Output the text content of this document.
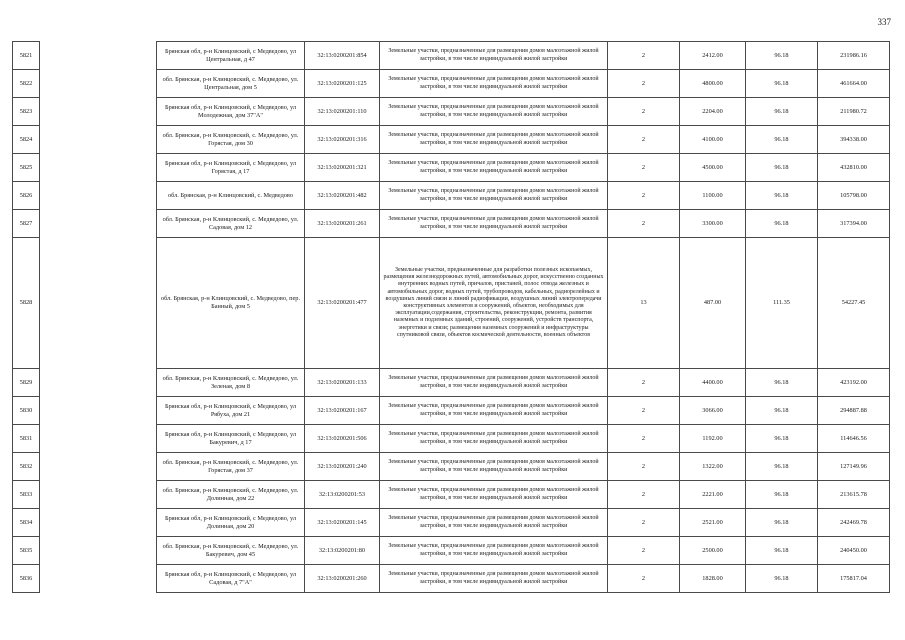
337
5821		Брянская обл, р-н Клинцовский, с Медведово, ул Центральная, д 47	32:13:0200201:854	Земельные участки, предназначенные для размещения домов малоэтажной жилой застройки, в том числе индивидуальной жилой застройки	2	2412.00	96.18	231986.16
5822		обл. Брянская, р-н Клинцовский, с. Медведово, ул. Центральная, дом 5	32:13:0200201:125	Земельные участки, предназначенные для размещения домов малоэтажной жилой застройки, в том числе индивидуальной жилой застройки	2	4800.00	96.18	461664.00
5823		Брянская обл, р-н Клинцовский, с Медведово, ул Молодежная, дом 37"А"	32:13:0200201:110	Земельные участки, предназначенные для размещения домов малоэтажной жилой застройки, в том числе индивидуальной жилой застройки	2	2204.00	96.18	211980.72
5824		обл. Брянская, р-н Клинцовский, с. Медведово, ул. Горястая, дом 30	32:13:0200201:316	Земельные участки, предназначенные для размещения домов малоэтажной жилой застройки, в том числе индивидуальной жилой застройки	2	4100.00	96.18	394338.00
5825		Брянская обл, р-н Клинцовский, с Медведово, ул Горястая, д 17	32:13:0200201:321	Земельные участки, предназначенные для размещения домов малоэтажной жилой застройки, в том числе индивидуальной жилой застройки	2	4500.00	96.18	432810.00
5826		обл. Брянская, р-н Клинцовский, с. Медведово	32:13:0200201:482	Земельные участки, предназначенные для размещения домов малоэтажной жилой застройки, в том числе индивидуальной жилой застройки	2	1100.00	96.18	105798.00
5827		обл. Брянская, р-н Клинцовский, с. Медведово, ул. Садовая, дом 12	32:13:0200201:261	Земельные участки, предназначенные для размещения домов малоэтажной жилой застройки, в том числе индивидуальной жилой застройки	2	3300.00	96.18	317394.00
5828		обл. Брянская, р-н Клинцовский, с. Медведово, пер. Банный, дом 5	32:13:0200201:477	Земельные участки, предназначенные для разработки полезных ископаемых, размещения железнодорожных путей, автомобильных дорог, искусственно созданных внутренних водных путей, причалов, пристаней, полос отвода железных и автомобильных дорог, водных путей, трубопроводов, кабельных, радиорелейных и воздушных линий связи и линий радиофикации, воздушных линий электропередачи конструктивных элементов и сооружений, объектов, необходимых для эксплуатации,содержания, строительства, реконструкции, ремонта, развития наземных и подземных зданий, строений, сооружений, устройств транспорта, энергетики и связи; размещения наземных сооружений и инфраструктуры спутниковой связи, объектов космической деятельности, военных объектов	13	487.00	111.35	54227.45
5829		обл. Брянская, р-н Клинцовский, с. Медведово, ул. Зеленая, дом 8	32:13:0200201:133	Земельные участки, предназначенные для размещения домов малоэтажной жилой застройки, в том числе индивидуальной жилой застройки	2	4400.00	96.18	423192.00
5830		Брянская обл, р-н Клинцовский, с Медведово, ул Рябуха, дом 21	32:13:0200201:167	Земельные участки, предназначенные для размещения домов малоэтажной жилой застройки, в том числе индивидуальной жилой застройки	2	3066.00	96.18	294887.88
5831		Брянская обл, р-н Клинцовский, с Медведово, ул Бакуревич, д 17	32:13:0200201:506	Земельные участки, предназначенные для размещения домов малоэтажной жилой застройки, в том числе индивидуальной жилой застройки	2	1192.00	96.18	114646.56
5832		обл. Брянская, р-н Клинцовский, с. Медведово, ул. Горястая, дом 37	32:13:0200201:240	Земельные участки, предназначенные для размещения домов малоэтажной жилой застройки, в том числе индивидуальной жилой застройки	2	1322.00	96.18	127149.96
5833		обл. Брянская, р-н Клинцовский, с. Медведово, ул. Долинная, дом 22	32:13:0200201:53	Земельные участки, предназначенные для размещения домов малоэтажной жилой застройки, в том числе индивидуальной жилой застройки	2	2221.00	96.18	213615.78
5834		Брянская обл, р-н Клинцовский, с Медведово, ул Долинная, дом 20	32:13:0200201:145	Земельные участки, предназначенные для размещения домов малоэтажной жилой застройки, в том числе индивидуальной жилой застройки	2	2521.00	96.18	242469.78
5835		обл. Брянская, р-н Клинцовский, с. Медведово, ул. Бакуревич, дом 45	32:13:0200201:80	Земельные участки, предназначенные для размещения домов малоэтажной жилой застройки, в том числе индивидуальной жилой застройки	2	2500.00	96.18	240450.00
5836		Брянская обл, р-н Клинцовский, с Медведово, ул Садовая, д 7"А"	32:13:0200201:260	Земельные участки, предназначенные для размещения домов малоэтажной жилой застройки, в том числе индивидуальной жилой застройки	2	1828.00	96.18	175817.04
